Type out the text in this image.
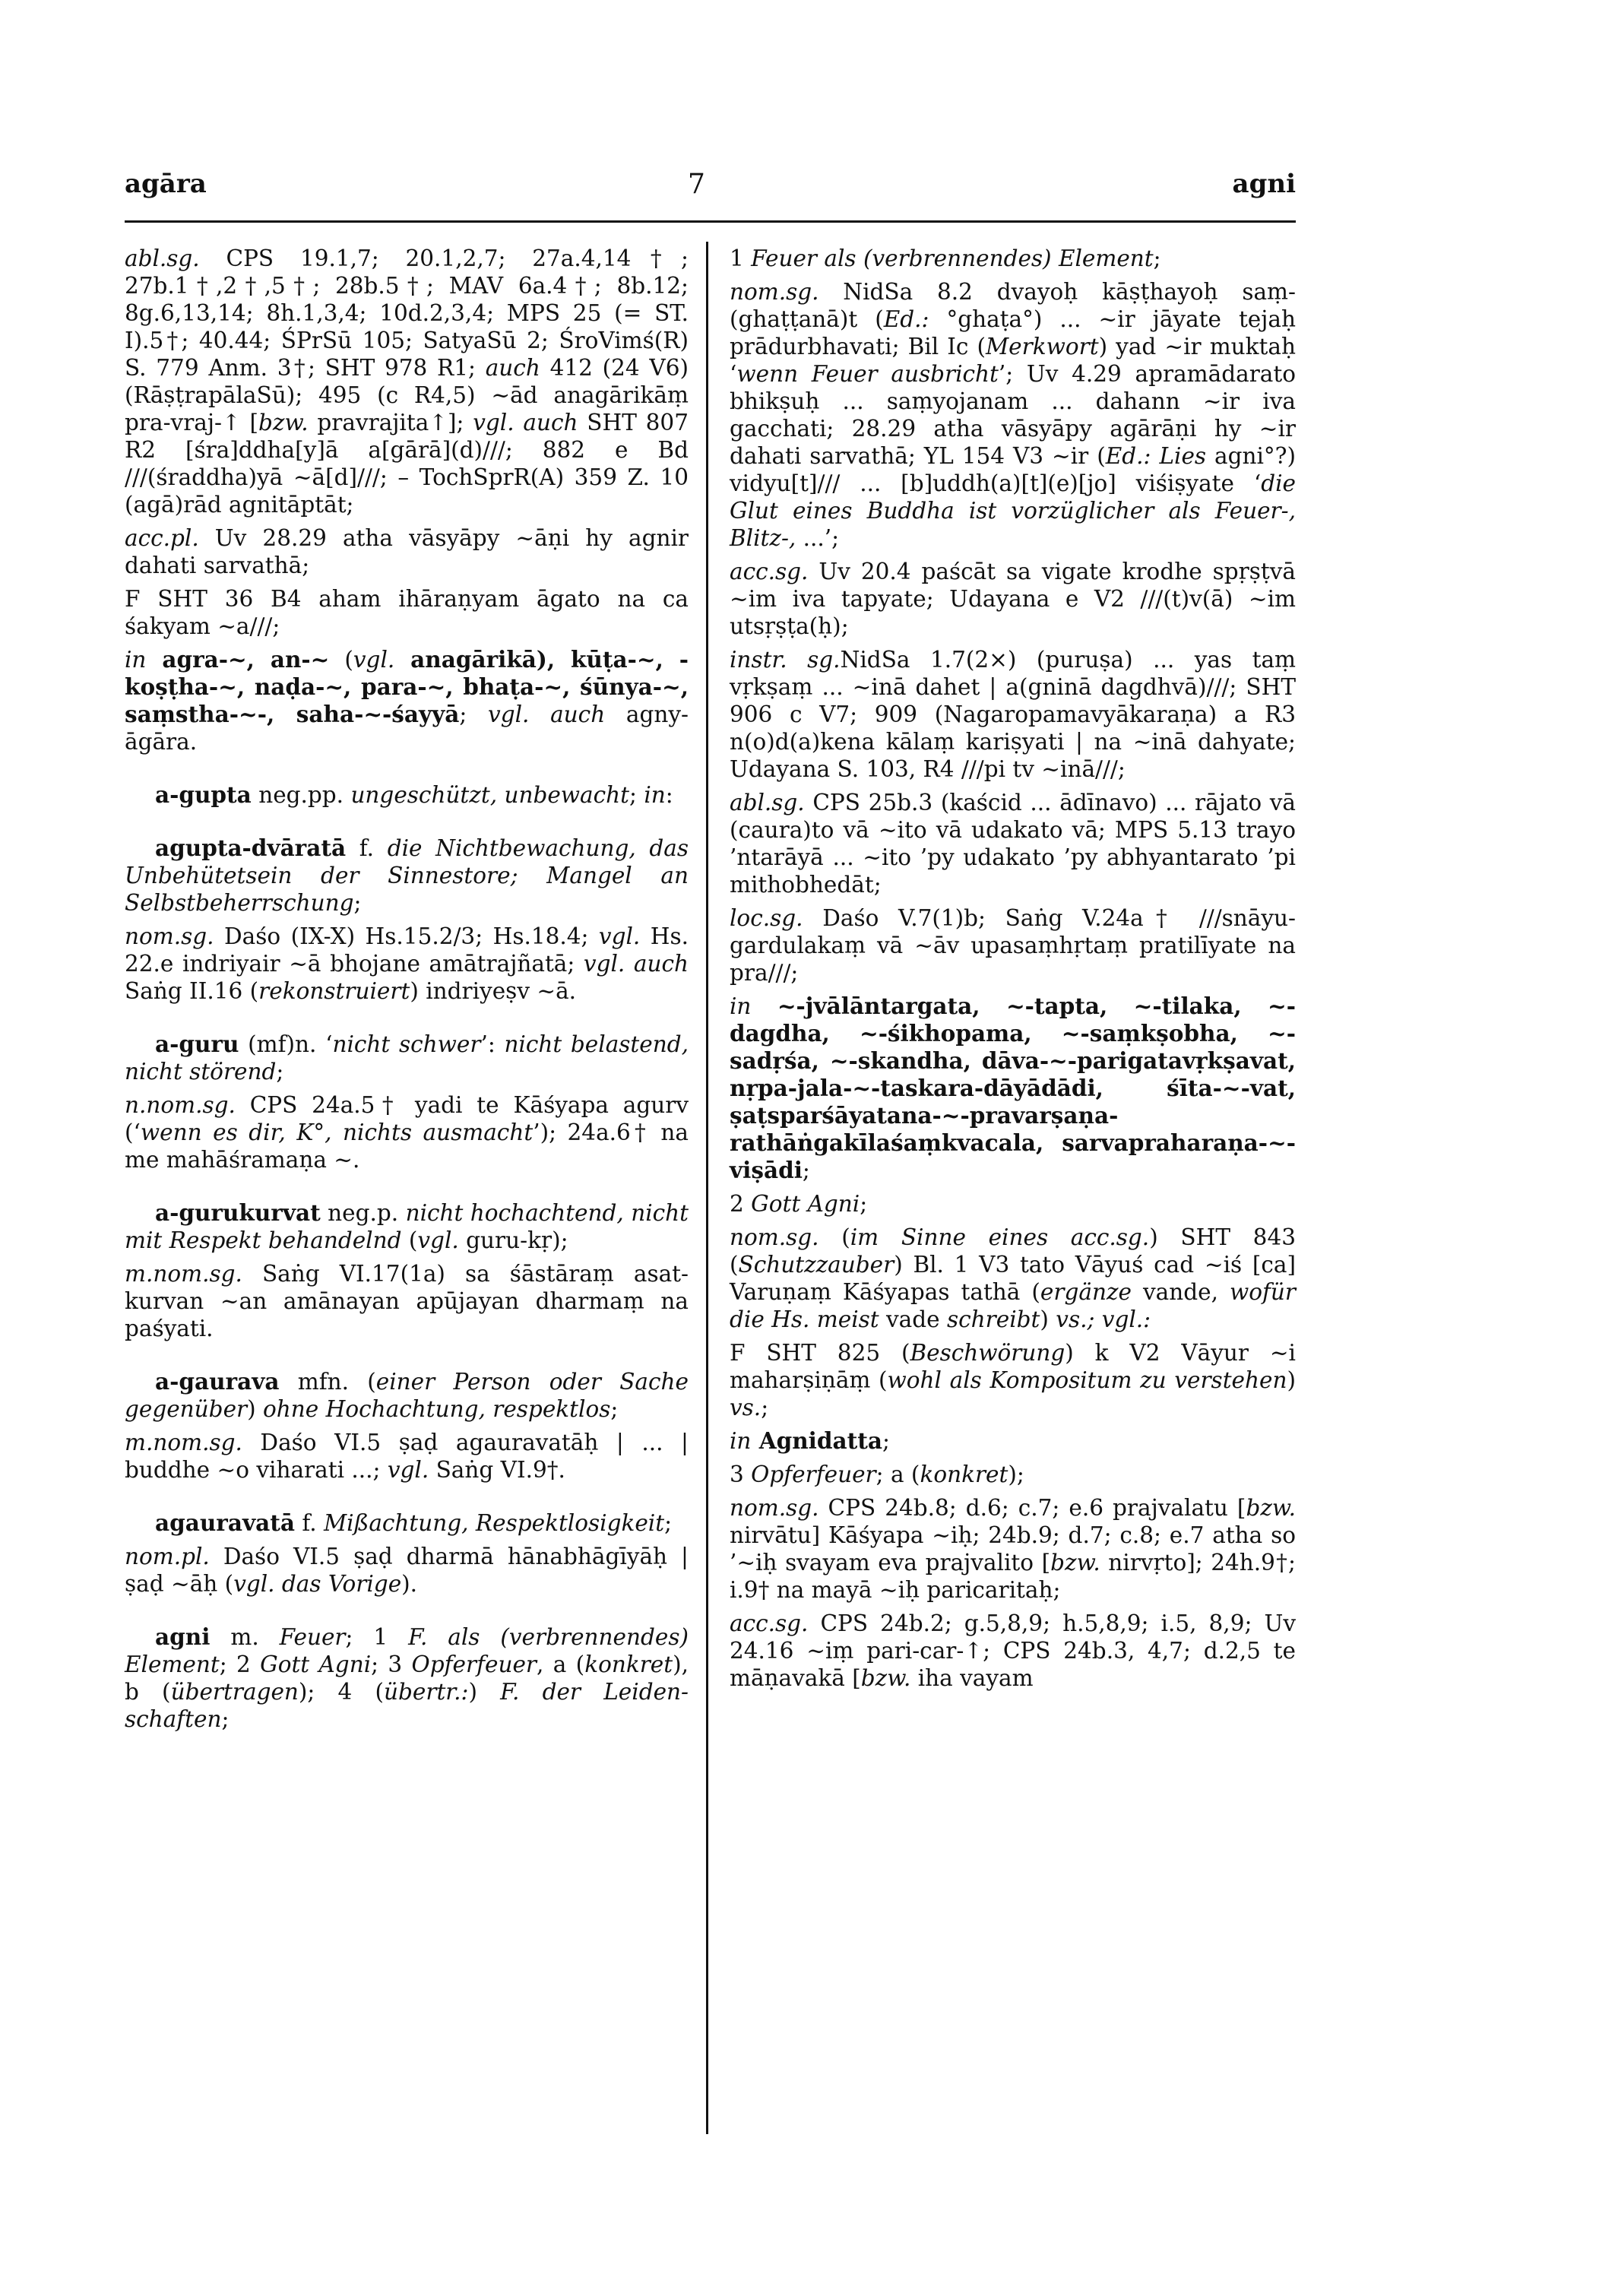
agāra	7	agni

abl.sg. CPS 19.1,7; 20.1,2,7; 27a.4,14†; 27b.1†,2†,5†; 28b.5†; MAV 6a.4†; 8b.12; 8g.6,13,14; 8h.1,3,4; 10d.2,3,4; MPS 25 (= ST. I).5†; 40.44; ŚPrSū 105; SatyaSū 2; ŚroVimś(R) S. 779 Anm. 3†; SHT 978 R1; auch 412 (24 V6) (RāṣṭrapālaSū); 495 (c R4,5) ~ād anagārikāṃ pra-vraj-↑ [bzw. pravrajita↑]; vgl. auch SHT 807 R2 [śra]ddha[y]ā a[gārā](d)///; 882 e Bd ///(śraddha)yā ~ā[d]///; – TochSprR(A) 359 Z. 10 (agā)rād agnitāptāt;

acc.pl. Uv 28.29 atha vāsyāpy ~āṇi hy agnir dahati sarvathā;

F SHT 36 B4 aham ihāraṇyam āgato na ca śakyam ~a///;

in agra-~, an-~ (vgl. anagārikā), kūṭa-~, -koṣṭha-~, naḍa-~, para-~, bhaṭa-~, śūnya-~, saṃstha-~-, saha-~-śayyā; vgl. auch agny-āgāra.

a-gupta neg.pp. ungeschützt, unbewacht; in:

agupta-dvāratā f. die Nichtbewachung, das Unbehütetsein der Sinnestore; Mangel an Selbstbeherrschung;

nom.sg. Daśo (IX-X) Hs.15.2/3; Hs.18.4; vgl. Hs. 22.e indriyair ~ā bhojane amātrajñatā; vgl. auch Saṅg II.16 (rekonstruiert) indriyeṣv ~ā.

a-guru (mf)n. ‘nicht schwer’: nicht belastend, nicht störend;

n.nom.sg. CPS 24a.5† yadi te Kāśyapa agurv (‘wenn es dir, K°, nichts ausmacht’); 24a.6† na me mahāśramaṇa ~.

a-gurukurvat neg.p. nicht hochachtend, nicht mit Respekt behandelnd (vgl. guru-kṛ);

m.nom.sg. Saṅg VI.17(1a) sa śāstāraṃ asatkurvan ~an amānayan apūjayan dharmaṃ na paśyati.

a-gaurava mfn. (einer Person oder Sache gegenüber) ohne Hochachtung, respektlos;

m.nom.sg. Daśo VI.5 ṣaḍ agauravatāḥ | ... | buddhe ~o viharati ...; vgl. Saṅg VI.9†.

agauravatā f. Mißachtung, Respektlosigkeit;

nom.pl. Daśo VI.5 ṣaḍ dharmā hānabhāgīyāḥ | ṣaḍ ~āḥ (vgl. das Vorige).

agni m. Feuer; 1 F. als (verbrennendes) Element; 2 Gott Agni; 3 Opferfeuer, a (konkret), b (übertragen); 4 (übertr.:) F. der Leidenschaften;

1 Feuer als (verbrennendes) Element;

nom.sg. NidSa 8.2 dvayoḥ kāṣṭhayoḥ saṃ(ghaṭṭanā)t (Ed.: °ghaṭa°) ... ~ir jāyate tejaḥ prādurbhavati; Bil Ic (Merkwort) yad ~ir muktaḥ ‘wenn Feuer ausbricht’; Uv 4.29 apramādarato bhikṣuḥ ... saṃyojanam ... dahann ~ir iva gacchati; 28.29 atha vāsyāpy agārāṇi hy ~ir dahati sarvathā; YL 154 V3 ~ir (Ed.: Lies agni°?) vidyu[t]/// ... [b]uddh(a)[t](e)[jo] viśiṣyate ‘die Glut eines Buddha ist vorzüglicher als Feuer-, Blitz-, ...’;

acc.sg. Uv 20.4 paścāt sa vigate krodhe spṛṣṭvā ~im iva tapyate; Udayana e V2 ///(t)v(ā) ~im utsṛṣṭa(ḥ);

instr. sg.NidSa 1.7(2×) (puruṣa) ... yas taṃ vṛkṣaṃ ... ~inā dahet | a(gninā dagdhvā)///; SHT 906 c V7; 909 (Nagaropamavyākaraṇa) a R3 n(o)d(a)kena kālaṃ kariṣyati | na ~inā dahyate; Udayana S. 103, R4 ///pi tv ~inā///;

abl.sg. CPS 25b.3 (kaścid ... ādīnavo) ... rājato vā (caura)to vā ~ito vā udakato vā; MPS 5.13 trayo ’ntarāyā ... ~ito ’py udakato ’py abhyantarato ’pi mithobhedāt;

loc.sg. Daśo V.7(1)b; Saṅg V.24a† ///snāyugardulakaṃ vā ~āv upasaṃhṛtaṃ pratilīyate na pra///;

in ~-jvālāntargata, ~-tapta, ~-tilaka, ~-dagdha, ~-śikhopama, ~-saṃkṣobha, ~-sadṛśa, ~-skandha, dāva-~-parigatavṛkṣavat, nṛpa-jala-~-taskara-dāyādādi, śīta-~-vat, ṣaṭsparśāyatana-~-pravarṣaṇarathāṅgakīlaśaṃkvacala, sarvapraharaṇa-~-viṣādi;

2 Gott Agni;

nom.sg. (im Sinne eines acc.sg.) SHT 843 (Schutzzauber) Bl. 1 V3 tato Vāyuś cad ~iś [ca] Varuṇaṃ Kāśyapas tathā (ergänze vande, wofür die Hs. meist vade schreibt) vs.; vgl.:

F SHT 825 (Beschwörung) k V2 Vāyur ~i maharṣiṇāṃ (wohl als Kompositum zu verstehen) vs.;

in Agnidatta;

3 Opferfeuer; a (konkret);

nom.sg. CPS 24b.8; d.6; c.7; e.6 prajvalatu [bzw. nirvātu] Kāśyapa ~iḥ; 24b.9; d.7; c.8; e.7 atha so ’~iḥ svayam eva prajvalito [bzw. nirvṛto]; 24h.9†; i.9† na mayā ~iḥ paricaritaḥ;

acc.sg. CPS 24b.2; g.5,8,9; h.5,8,9; i.5, 8,9; Uv 24.16 ~iṃ pari-car-↑; CPS 24b.3, 4,7; d.2,5 te māṇavakā [bzw. iha vayam
